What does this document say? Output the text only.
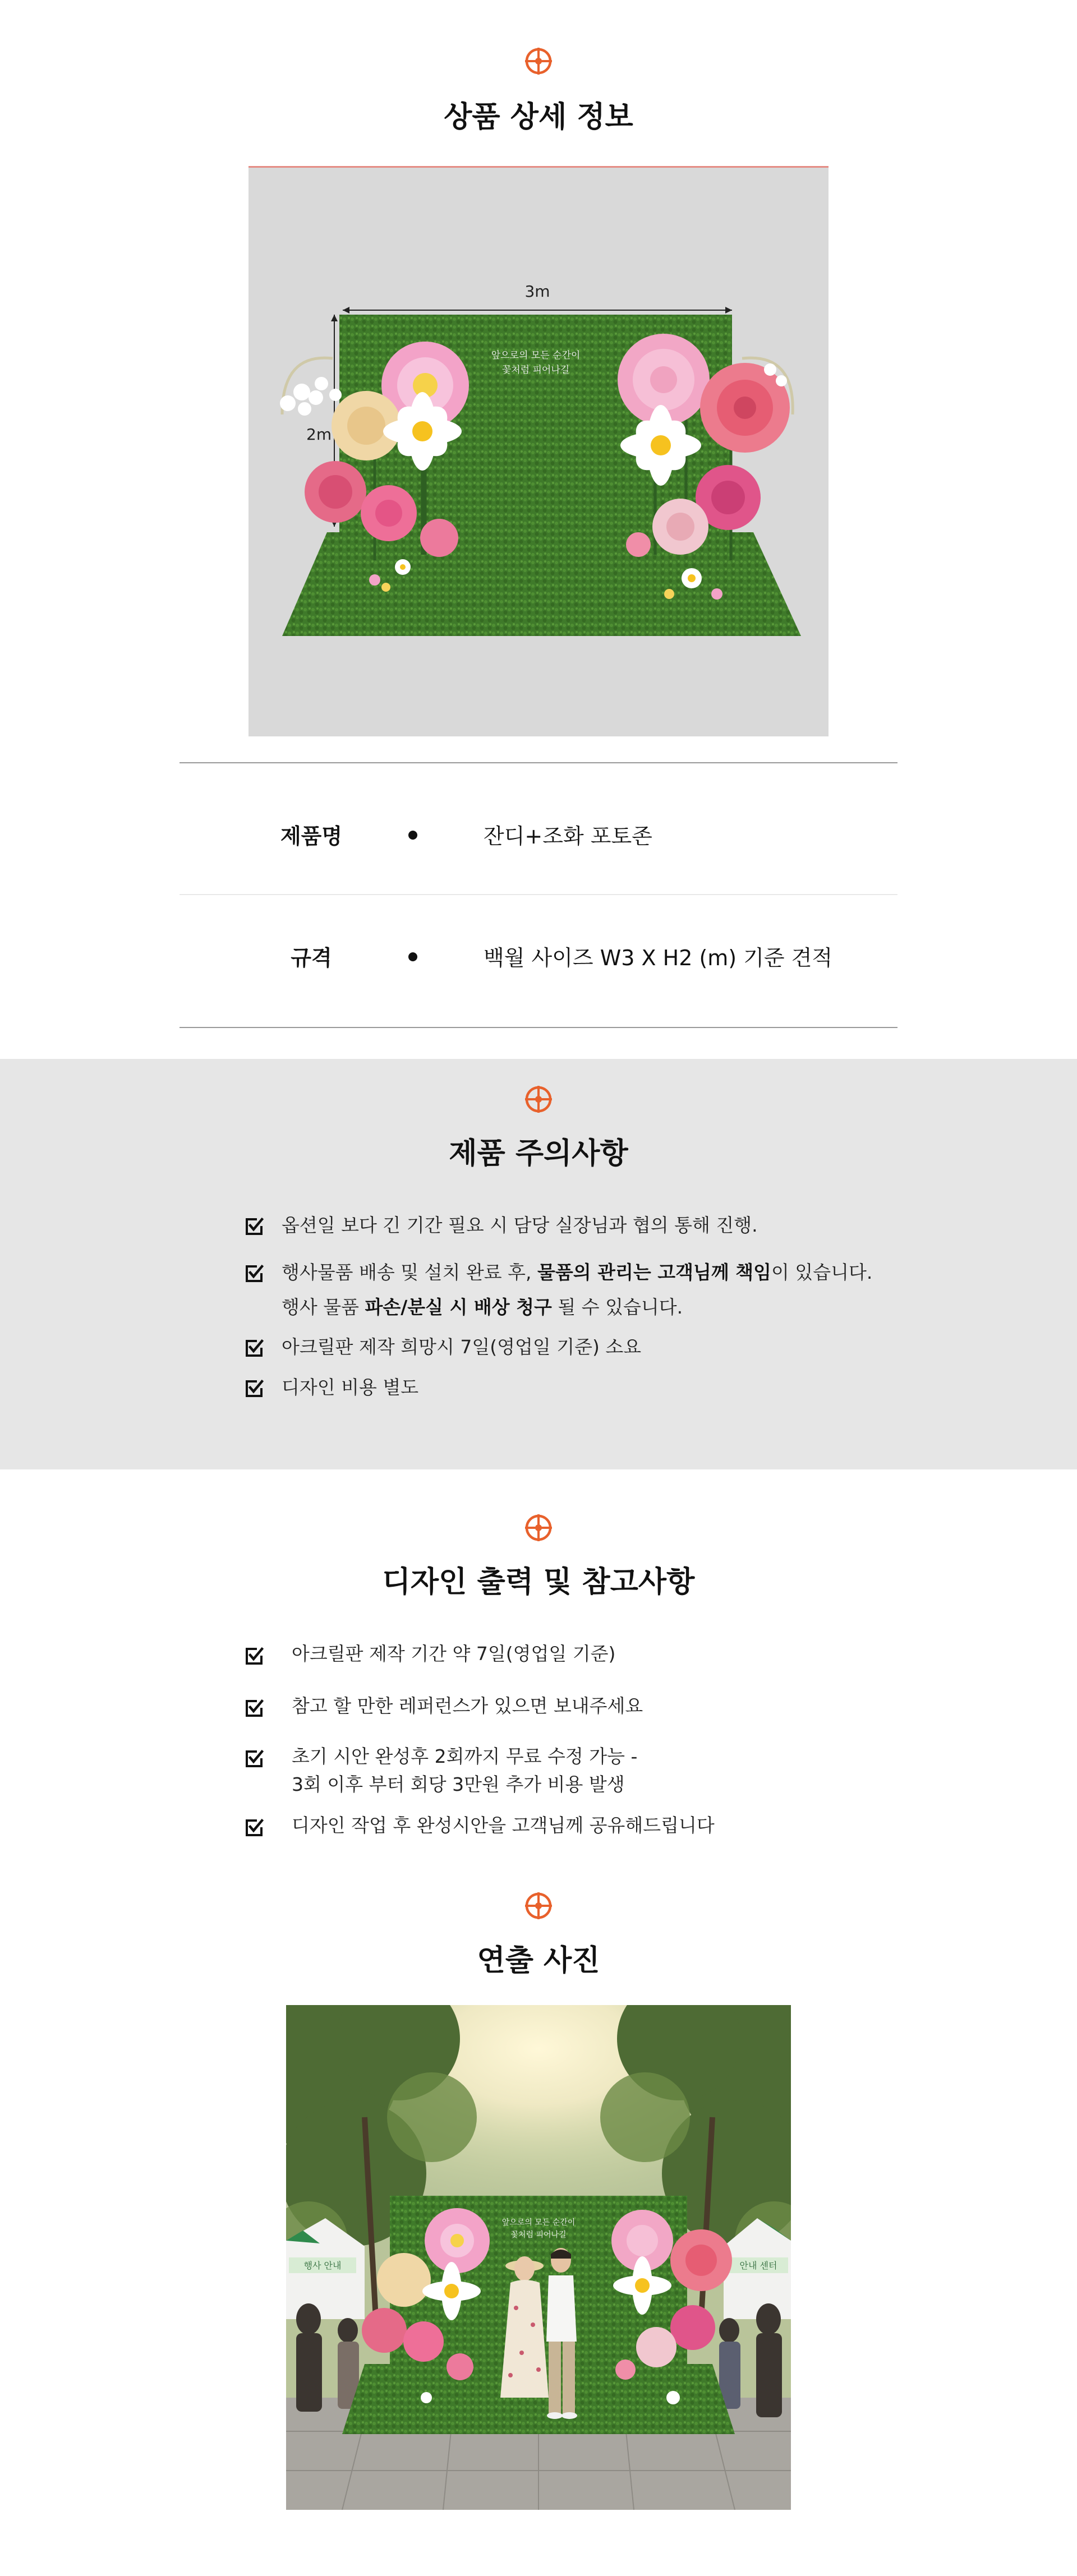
상품 상세 정보
3m
2m
앞으로의 모든 순간이
꽃처럼 피어나길
제품명	잔디+조화 포토존
규격	백월 사이즈 W3 X H2 (m) 기준 견적
제품 주의사항
옵션일 보다 긴 기간 필요 시 담당 실장님과 협의 통해 진행.
행사물품 배송 및 설치 완료 후, 물품의 관리는 고객님께 책임이 있습니다.
행사 물품 파손/분실 시 배상 청구 될 수 있습니다.
아크릴판 제작 희망시 7일(영업일 기준) 소요
디자인 비용 별도
디자인 출력 및 참고사항
아크릴판 제작 기간 약 7일(영업일 기준)
참고 할 만한 레퍼런스가 있으면 보내주세요
초기 시안 완성후 2회까지 무료 수정 가능 -
3회 이후 부터 회당 3만원 추가 비용 발생
디자인 작업 후 완성시안을 고객님께 공유해드립니다
연출 사진
행사 안내	안내 센터
앞으로의 모든 순간이
꽃처럼 피어나길
